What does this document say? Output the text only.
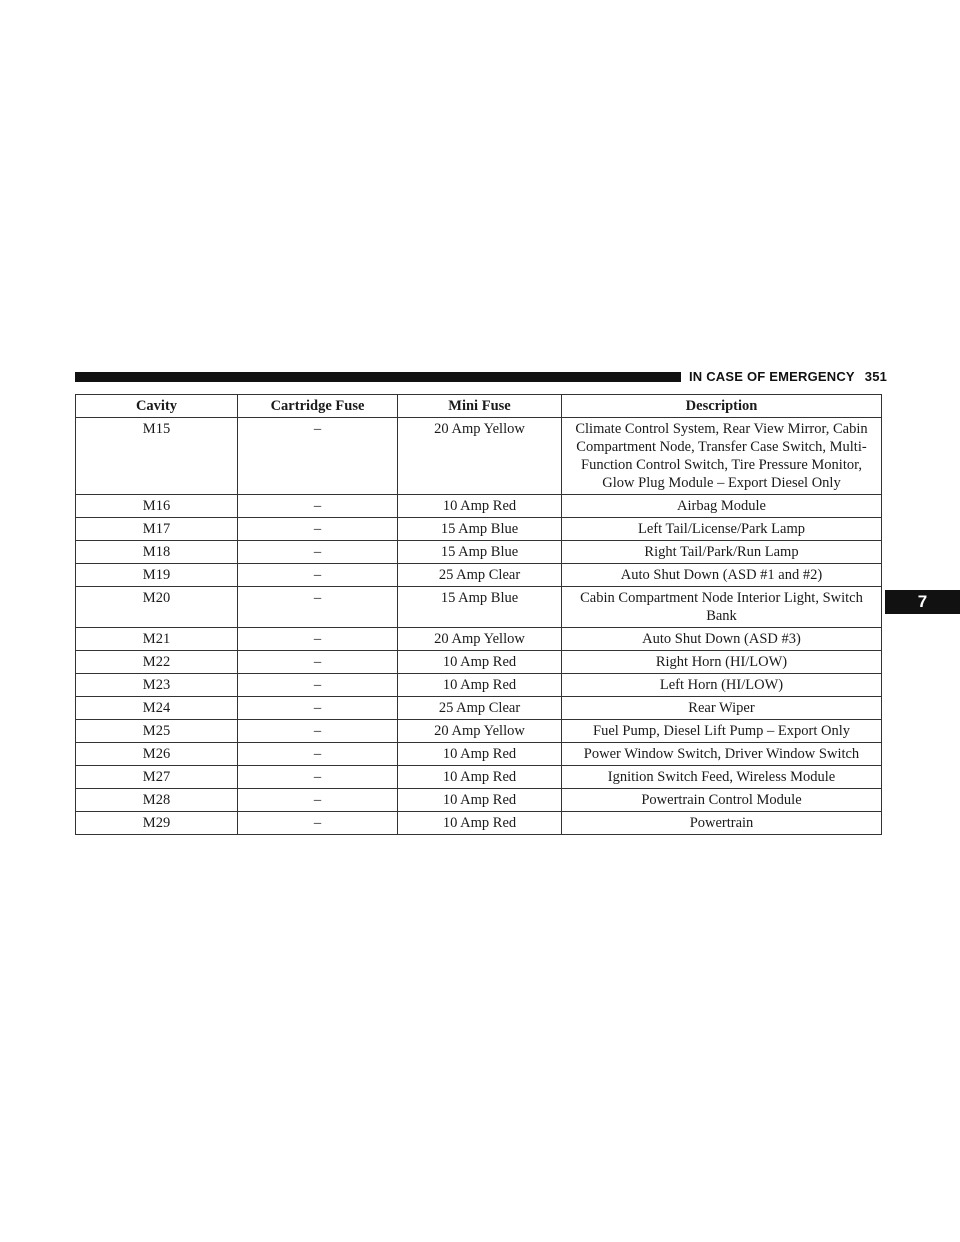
IN CASE OF EMERGENCY 351
7
Cavity	Cartridge Fuse	Mini Fuse	Description
M15	–	20 Amp Yellow	Climate Control System, Rear View Mirror, Cabin Compartment Node, Transfer Case Switch, Multi-Function Control Switch, Tire Pressure Monitor, Glow Plug Module – Export Diesel Only
M16	–	10 Amp Red	Airbag Module
M17	–	15 Amp Blue	Left Tail/License/Park Lamp
M18	–	15 Amp Blue	Right Tail/Park/Run Lamp
M19	–	25 Amp Clear	Auto Shut Down (ASD #1 and #2)
M20	–	15 Amp Blue	Cabin Compartment Node Interior Light, Switch Bank
M21	–	20 Amp Yellow	Auto Shut Down (ASD #3)
M22	–	10 Amp Red	Right Horn (HI/LOW)
M23	–	10 Amp Red	Left Horn (HI/LOW)
M24	–	25 Amp Clear	Rear Wiper
M25	–	20 Amp Yellow	Fuel Pump, Diesel Lift Pump – Export Only
M26	–	10 Amp Red	Power Window Switch, Driver Window Switch
M27	–	10 Amp Red	Ignition Switch Feed, Wireless Module
M28	–	10 Amp Red	Powertrain Control Module
M29	–	10 Amp Red	Powertrain
